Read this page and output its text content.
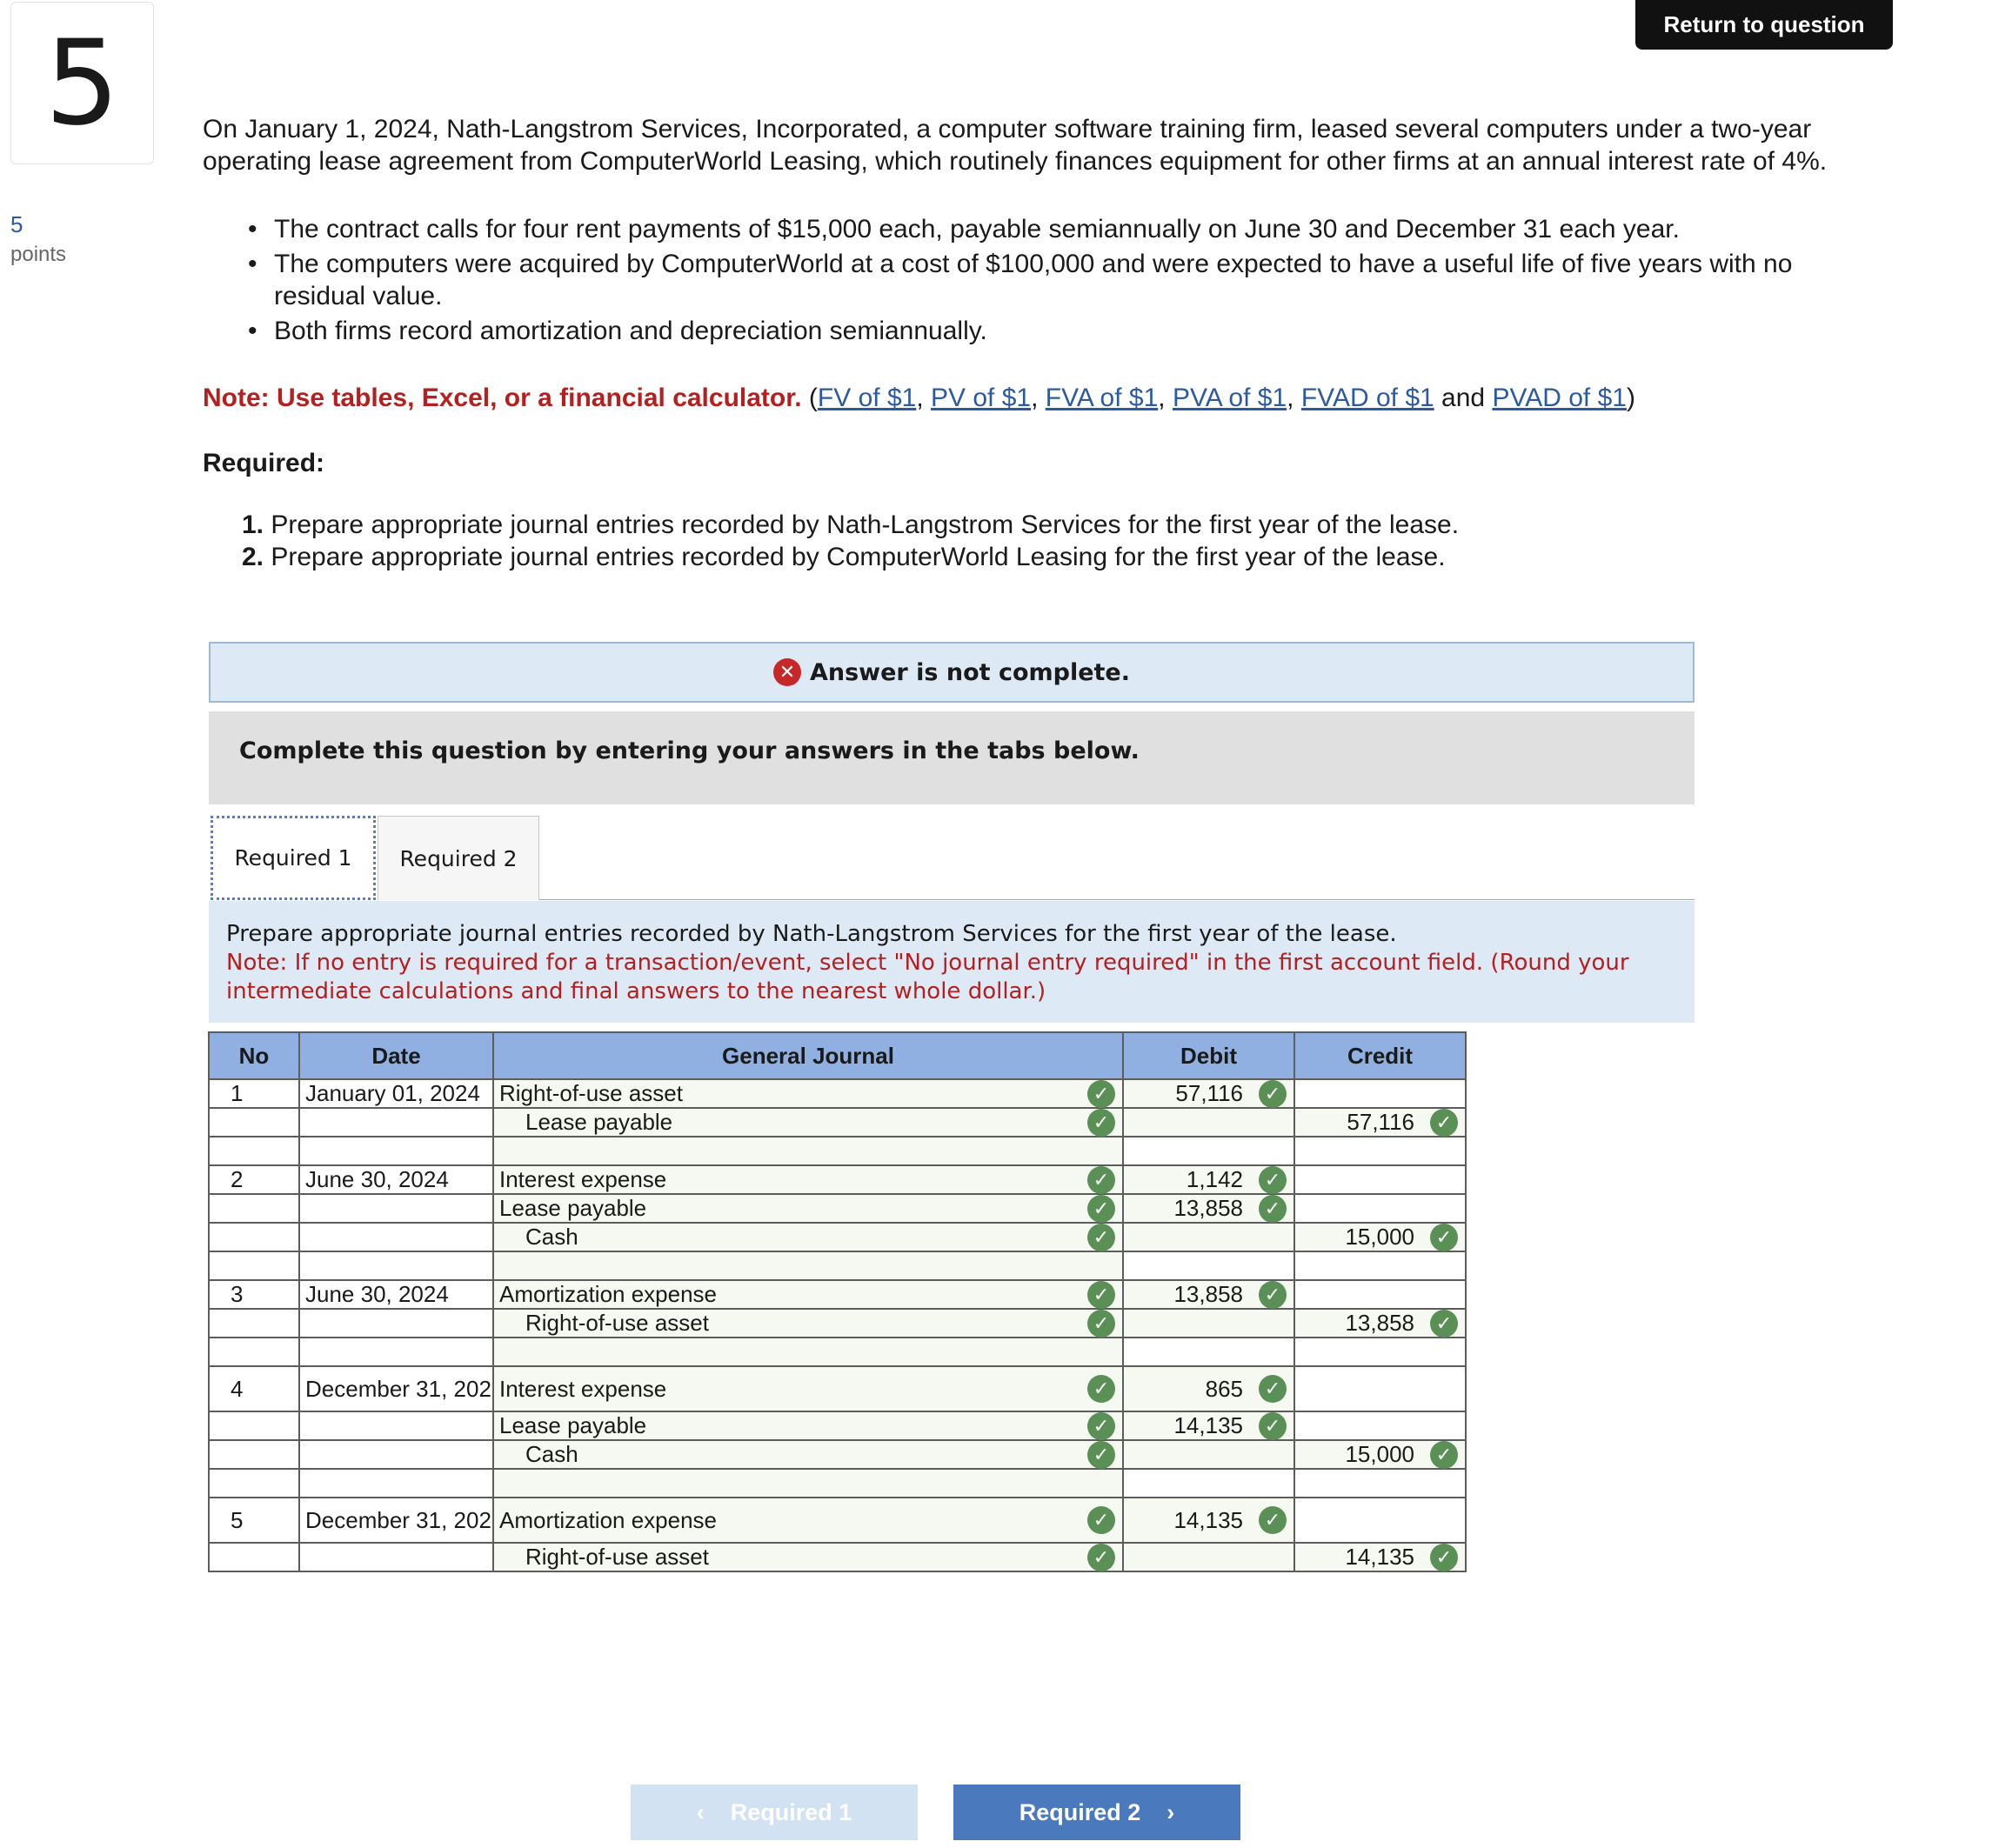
5
5
points
Return to question

On January 1, 2024, Nath-Langstrom Services, Incorporated, a computer software training firm, leased several computers under a two-year operating lease agreement from ComputerWorld Leasing, which routinely finances equipment for other firms at an annual interest rate of 4%.

• The contract calls for four rent payments of $15,000 each, payable semiannually on June 30 and December 31 each year.
• The computers were acquired by ComputerWorld at a cost of $100,000 and were expected to have a useful life of five years with no residual value.
• Both firms record amortization and depreciation semiannually.
Note: Use tables, Excel, or a financial calculator. (FV of $1, PV of $1, FVA of $1, PVA of $1, FVAD of $1 and PVAD of $1)
Required:
1. Prepare appropriate journal entries recorded by Nath-Langstrom Services for the first year of the lease.
2. Prepare appropriate journal entries recorded by ComputerWorld Leasing for the first year of the lease.
✕ Answer is not complete.
Complete this question by entering your answers in the tabs below.
Required 1	Required 2
Prepare appropriate journal entries recorded by Nath-Langstrom Services for the first year of the lease.
Note: If no entry is required for a transaction/event, select "No journal entry required" in the first account field. (Round your intermediate calculations and final answers to the nearest whole dollar.)
No	Date	General Journal	Debit	Credit
1	January 01, 2024	Right-of-use asset ✓	57,116 ✓	

		Lease payable ✓		57,116 ✓

2	June 30, 2024	Interest expense ✓	1,142 ✓	

		Lease payable ✓	13,858 ✓	

		Cash ✓		15,000 ✓

3	June 30, 2024	Amortization expense ✓	13,858 ✓	

		Right-of-use asset ✓		13,858 ✓

4	December 31, 202	Interest expense ✓	865 ✓	

		Lease payable ✓	14,135 ✓	

		Cash ✓		15,000 ✓

5	December 31, 202	Amortization expense ✓	14,135 ✓	

		Right-of-use asset ✓		14,135 ✓
‹ Required 1	Required 2 ›
